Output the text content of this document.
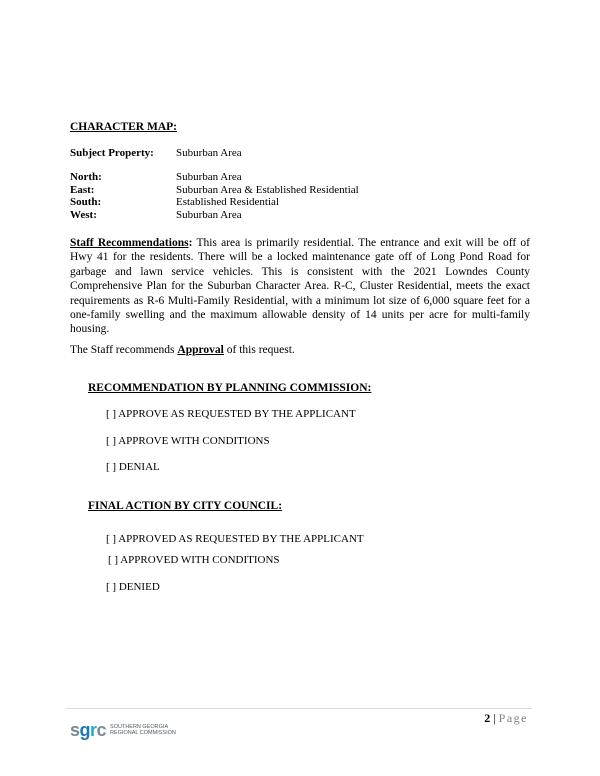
CHARACTER MAP:
Subject Property: Suburban Area
North:	Suburban Area
East:	Suburban Area & Established Residential
South:	Established Residential
West:	Suburban Area
Staff Recommendations: This area is primarily residential. The entrance and exit will be off of Hwy 41 for the residents. There will be a locked maintenance gate off of Long Pond Road for garbage and lawn service vehicles. This is consistent with the 2021 Lowndes County Comprehensive Plan for the Suburban Character Area. R-C, Cluster Residential, meets the exact requirements as R-6 Multi-Family Residential, with a minimum lot size of 6,000 square feet for a one-family swelling and the maximum allowable density of 14 units per acre for multi-family housing.
The Staff recommends Approval of this request.
RECOMMENDATION BY PLANNING COMMISSION:
[ ] APPROVE AS REQUESTED BY THE APPLICANT
[ ] APPROVE WITH CONDITIONS
[ ] DENIAL
FINAL ACTION BY CITY COUNCIL:
[ ] APPROVED AS REQUESTED BY THE APPLICANT
[ ] APPROVED WITH CONDITIONS
[ ] DENIED
2 | Page
sgrc SOUTHERN GEORGIA
REGIONAL COMMISSION
